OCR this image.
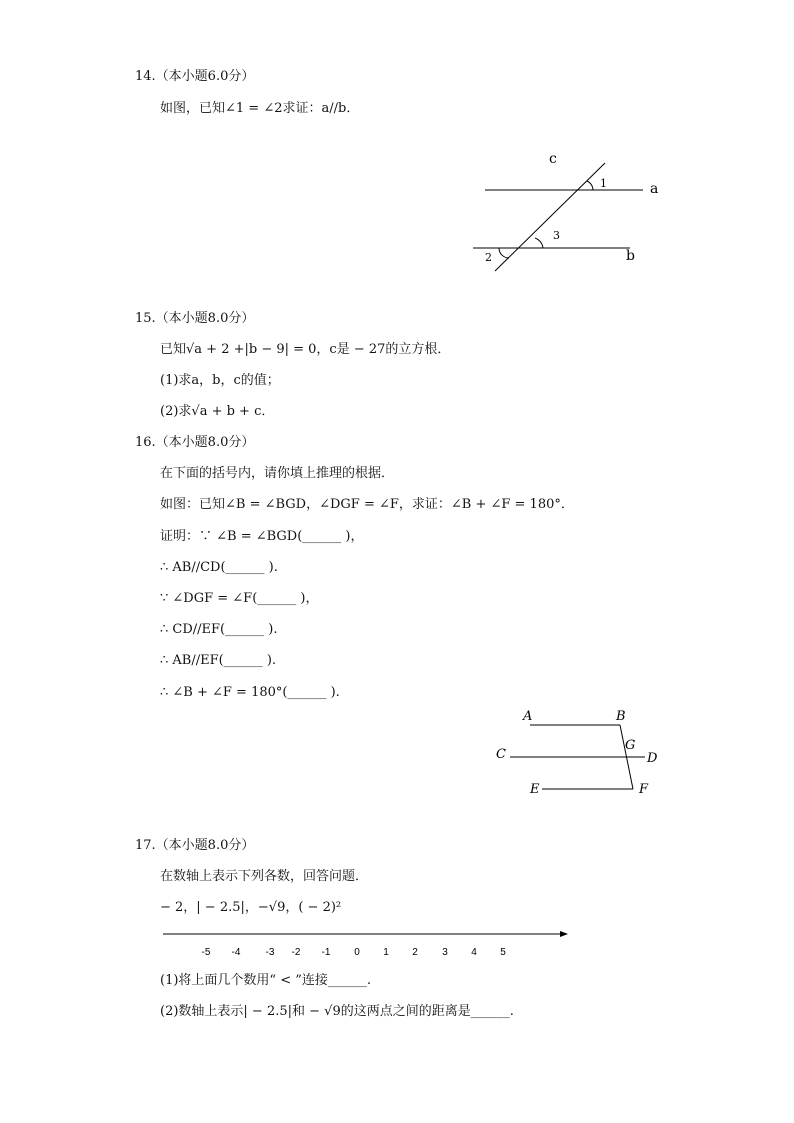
14.（本小题6.0分）
如图，已知∠1 = ∠2求证：a//b．
c
a
b
1
3
2
15.（本小题8.0分）
已知√a + 2 +|b − 9| = 0，c是 − 27的立方根．
(1)求a，b，c的值；
(2)求√a + b + c．
16.（本小题8.0分）
在下面的括号内，请你填上推理的根据．
如图：已知∠B = ∠BGD，∠DGF = ∠F，求证：∠B + ∠F = 180°．
证明：∵ ∠B = ∠BGD(______ )，
∴ AB//CD(______ ).
∵ ∠DGF = ∠F(______ )，
∴ CD//EF(______ ).
∴ AB//EF(______ ).
∴ ∠B + ∠F = 180°(______ ).
A	B
C
G
D
E	F
17.（本小题8.0分）
在数轴上表示下列各数，回答问题．
− 2，| − 2.5|，−√9，( − 2)²
-5 -4	-3 -2 -1 0 1 2 3 4 5
(1)将上面几个数用“ < ”连接______.
(2)数轴上表示| − 2.5|和 − √9的这两点之间的距离是______.
